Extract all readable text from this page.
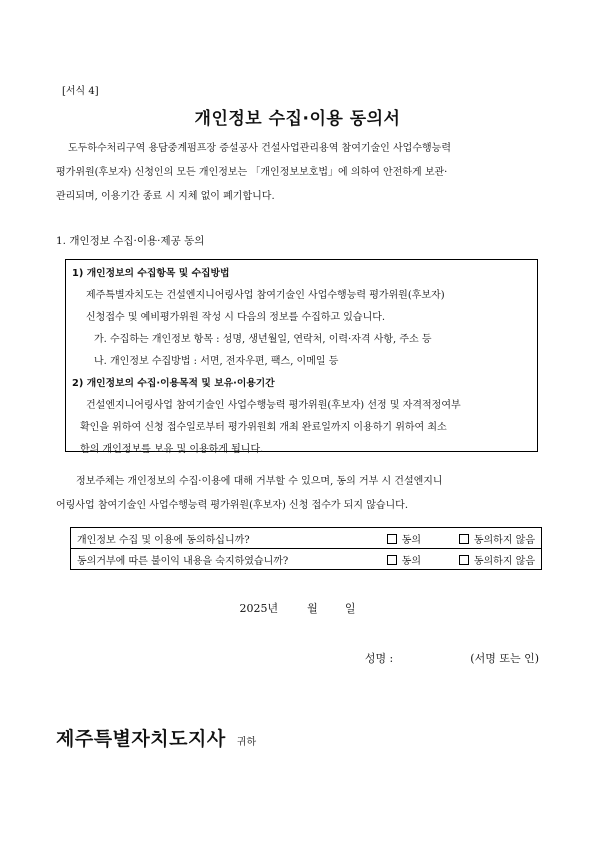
[서식 4]
개인정보 수집·이용 동의서

도두하수처리구역 용담중계펌프장 증설공사 건설사업관리용역 참여기술인 사업수행능력

평가위원(후보자) 신청인의 모든 개인정보는 「개인정보보호법」에 의하여 안전하게 보관·

관리되며, 이용기간 종료 시 지체 없이 폐기합니다.

1. 개인정보 수집·이용·제공 동의
1) 개인정보의 수집항목 및 수집방법
제주특별자치도는 건설엔지니어링사업 참여기술인 사업수행능력 평가위원(후보자)
신청접수 및 예비평가위원 작성 시 다음의 정보를 수집하고 있습니다.
가. 수집하는 개인정보 항목 : 성명, 생년월일, 연락처, 이력·자격 사항, 주소 등
나. 개인정보 수집방법 : 서면, 전자우편, 팩스, 이메일 등
2) 개인정보의 수집·이용목적 및 보유·이용기간
건설엔지니어링사업 참여기술인 사업수행능력 평가위원(후보자) 선정 및 자격적정여부
확인을 위하여 신청 접수일로부터 평가위원회 개최 완료일까지 이용하기 위하여 최소
한의 개인정보를 보유 및 이용하게 됩니다.

정보주체는 개인정보의 수집·이용에 대해 거부할 수 있으며, 동의 거부 시 건설엔지니

어링사업 참여기술인 사업수행능력 평가위원(후보자) 신청 접수가 되지 않습니다.

개인정보 수집 및 이용에 동의하십니까?	동의	동의하지 않음
동의거부에 따른 불이익 내용을 숙지하였습니까?	동의	동의하지 않음
2025년	월 일
성명 :	(서명 또는 인)
제주특별자치도지사 귀하
